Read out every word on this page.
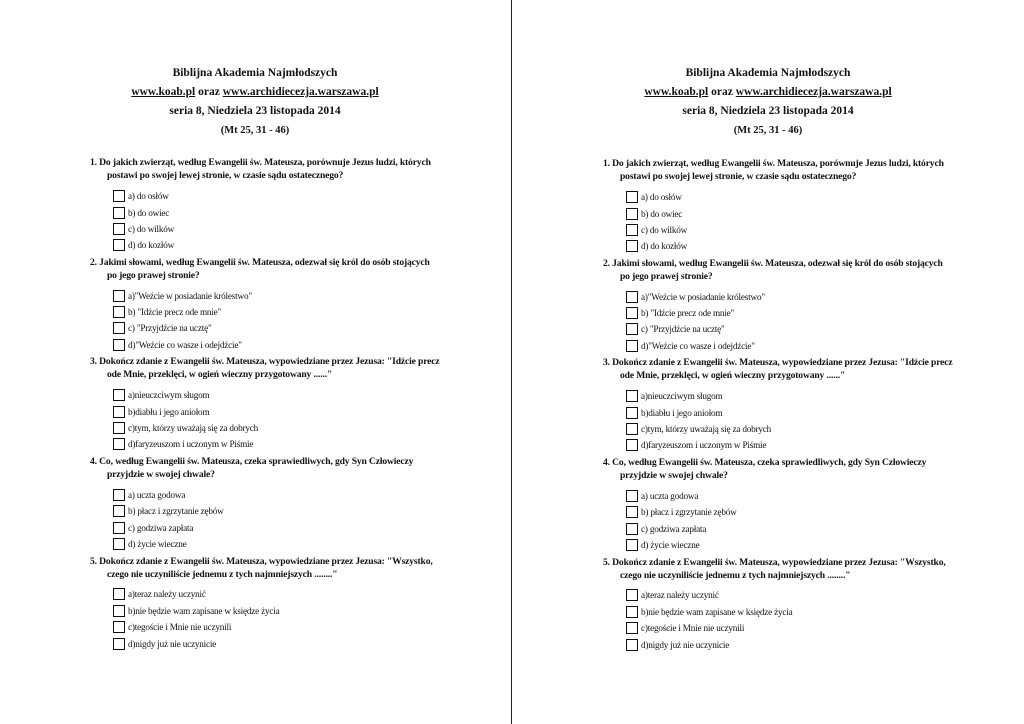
Biblijna Akademia Najmłodszych
www.koab.pl oraz www.archidiecezja.warszawa.pl
seria 8, Niedziela 23 listopada 2014
(Mt 25, 31 - 46)
1. Do jakich zwierząt, według Ewangelii św. Mateusza, porównuje Jezus ludzi, których
postawi po swojej lewej stronie, w czasie sądu ostatecznego?
a) do osłów
b) do owiec
c) do wilków
d) do kozłów
2. Jakimi słowami, według Ewangelii św. Mateusza, odezwał się król do osób stojących
po jego prawej stronie?
a)"Weźcie w posiadanie królestwo"
b) "Idźcie precz ode mnie"
c) "Przyjdźcie na ucztę"
d)"Weźcie co wasze i odejdźcie"
3. Dokończ zdanie z Ewangelii św. Mateusza, wypowiedziane przez Jezusa: "Idźcie precz
ode Mnie, przeklęci, w ogień wieczny przygotowany ......"
a)nieuczciwym sługom
b)diabłu i jego aniołom
c)tym, którzy uważają się za dobrych
d)faryzeuszom i uczonym w Piśmie
4. Co, według Ewangelii św. Mateusza, czeka sprawiedliwych, gdy Syn Człowieczy
przyjdzie w swojej chwale?
a) uczta godowa
b) płacz i zgrzytanie zębów
c) godziwa zapłata
d) życie wieczne
5. Dokończ zdanie z Ewangelii św. Mateusza, wypowiedziane przez Jezusa: "Wszystko,
czego nie uczyniliście jednemu z tych najmniejszych ........"
a)teraz należy uczynić
b)nie będzie wam zapisane w księdze życia
c)tegoście i Mnie nie uczynili
d)nigdy już nie uczynicie
Biblijna Akademia Najmłodszych
www.koab.pl oraz www.archidiecezja.warszawa.pl
seria 8, Niedziela 23 listopada 2014
(Mt 25, 31 - 46)
1. Do jakich zwierząt, według Ewangelii św. Mateusza, porównuje Jezus ludzi, których
postawi po swojej lewej stronie, w czasie sądu ostatecznego?
a) do osłów
b) do owiec
c) do wilków
d) do kozłów
2. Jakimi słowami, według Ewangelii św. Mateusza, odezwał się król do osób stojących
po jego prawej stronie?
a)"Weźcie w posiadanie królestwo"
b) "Idźcie precz ode mnie"
c) "Przyjdźcie na ucztę"
d)"Weźcie co wasze i odejdźcie"
3. Dokończ zdanie z Ewangelii św. Mateusza, wypowiedziane przez Jezusa: "Idźcie precz
ode Mnie, przeklęci, w ogień wieczny przygotowany ......"
a)nieuczciwym sługom
b)diabłu i jego aniołom
c)tym, którzy uważają się za dobrych
d)faryzeuszom i uczonym w Piśmie
4. Co, według Ewangelii św. Mateusza, czeka sprawiedliwych, gdy Syn Człowieczy
przyjdzie w swojej chwale?
a) uczta godowa
b) płacz i zgrzytanie zębów
c) godziwa zapłata
d) życie wieczne
5. Dokończ zdanie z Ewangelii św. Mateusza, wypowiedziane przez Jezusa: "Wszystko,
czego nie uczyniliście jednemu z tych najmniejszych ........"
a)teraz należy uczynić
b)nie będzie wam zapisane w księdze życia
c)tegoście i Mnie nie uczynili
d)nigdy już nie uczynicie
